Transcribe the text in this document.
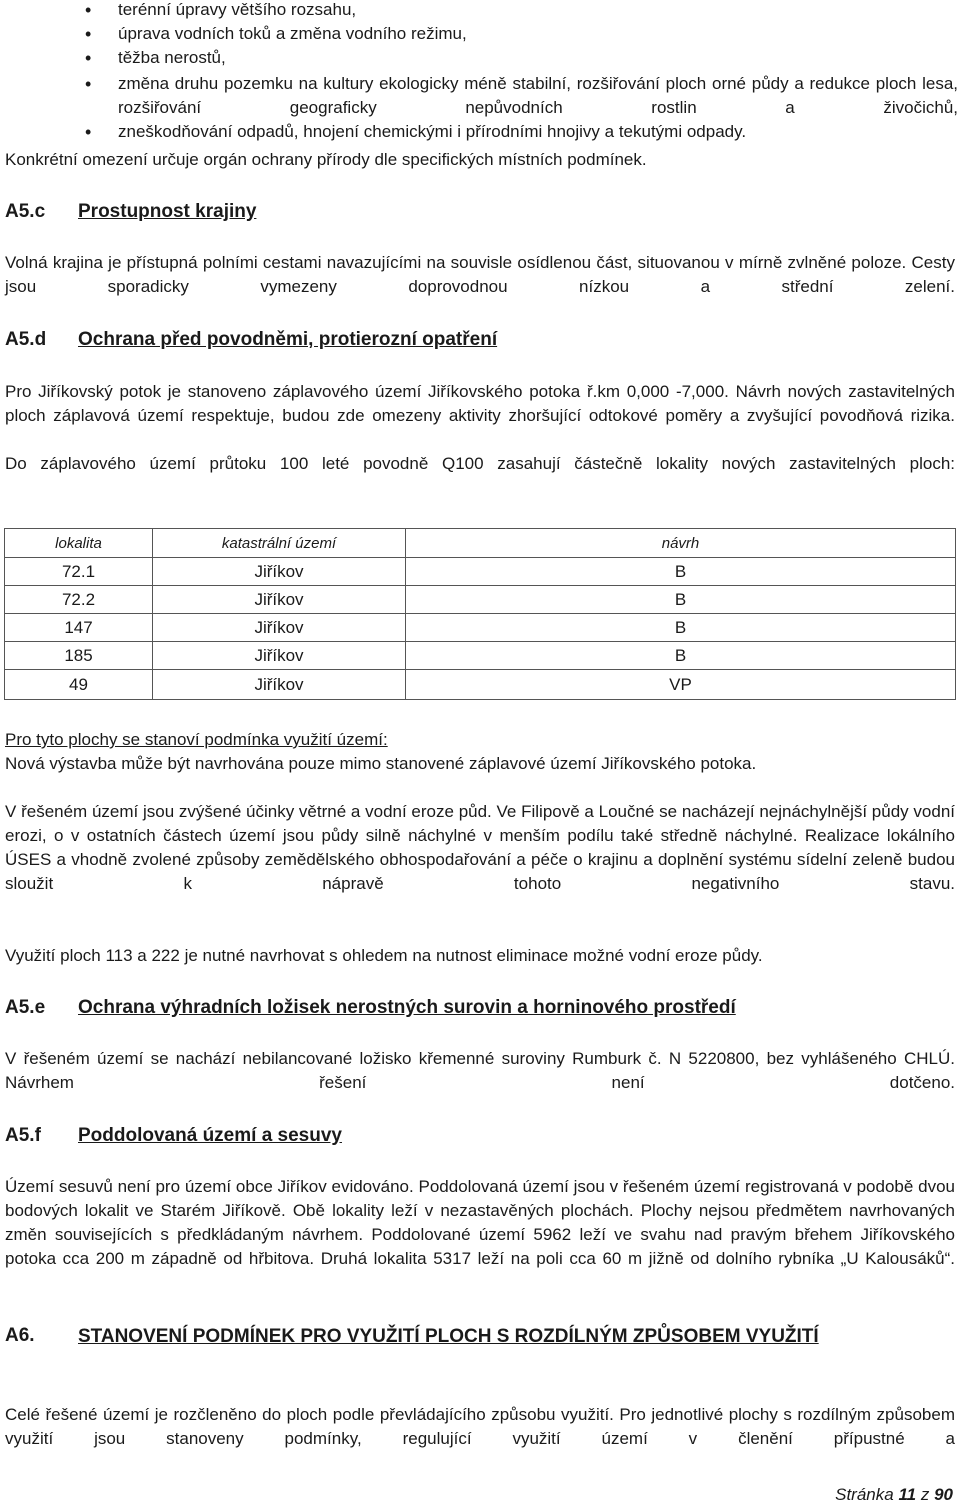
• terénní úpravy většího rozsahu,
• úprava vodních toků a změna vodního režimu,
• těžba nerostů,
• změna druhu pozemku na kultury ekologicky méně stabilní, rozšiřování ploch orné půdy a redukce ploch lesa, rozšiřování geograficky nepůvodních rostlin a živočichů,
• zneškodňování odpadů, hnojení chemickými i přírodními hnojivy a tekutými odpady.
Konkrétní omezení určuje orgán ochrany přírody dle specifických místních podmínek.
A5.c Prostupnost krajiny
Volná krajina je přístupná polními cestami navazujícími na souvisle osídlenou část, situovanou v mírně zvlněné poloze. Cesty jsou sporadicky vymezeny doprovodnou nízkou a střední zelení.
A5.d Ochrana před povodněmi, protierozní opatření
Pro Jiříkovský potok je stanoveno záplavového území Jiříkovského potoka ř.km 0,000 -7,000. Návrh nových zastavitelných ploch záplavová území respektuje, budou zde omezeny aktivity zhoršující odtokové poměry a zvyšující povodňová rizika.
Do záplavového území průtoku 100 leté povodně Q100 zasahují částečně lokality nových zastavitelných ploch:
lokalita	katastrální území	návrh
72.1	Jiříkov	B
72.2	Jiříkov	B
147	Jiříkov	B
185	Jiříkov	B
49	Jiříkov	VP
Pro tyto plochy se stanoví podmínka využití území:
Nová výstavba může být navrhována pouze mimo stanovené záplavové území Jiříkovského potoka.
V řešeném území jsou zvýšené účinky větrné a vodní eroze půd. Ve Filipově a Loučné se nacházejí nejnáchylnější půdy vodní erozi, o v ostatních částech území jsou půdy silně náchylné v menším podílu také středně náchylné. Realizace lokálního ÚSES a vhodně zvolené způsoby zemědělského obhospodařování a péče o krajinu a doplnění systému sídelní zeleně budou sloužit k nápravě tohoto negativního stavu.
Využití ploch 113 a 222 je nutné navrhovat s ohledem na nutnost eliminace možné vodní eroze půdy.
A5.e Ochrana výhradních ložisek nerostných surovin a horninového prostředí
V řešeném území se nachází nebilancované ložisko křemenné suroviny Rumburk č. N 5220800, bez vyhlášeného CHLÚ. Návrhem řešení není dotčeno.
A5.f Poddolovaná území a sesuvy
Území sesuvů není pro území obce Jiříkov evidováno. Poddolovaná území jsou v řešeném území registrovaná v podobě dvou bodových lokalit ve Starém Jiříkově. Obě lokality leží v nezastavěných plochách. Plochy nejsou předmětem navrhovaných změn souvisejících s předkládaným návrhem. Poddolované území 5962 leží ve svahu nad pravým břehem Jiříkovského potoka cca 200 m západně od hřbitova. Druhá lokalita 5317 leží na poli cca 60 m jižně od dolního rybníka „U Kalousáků“.
A6. STANOVENÍ PODMÍNEK PRO VYUŽITÍ PLOCH S ROZDÍLNÝM ZPŮSOBEM VYUŽITÍ
Celé řešené území je rozčleněno do ploch podle převládajícího způsobu využití. Pro jednotlivé plochy s rozdílným způsobem využití jsou stanoveny podmínky, regulující využití území v členění přípustné a
Stránka 11 z 90
